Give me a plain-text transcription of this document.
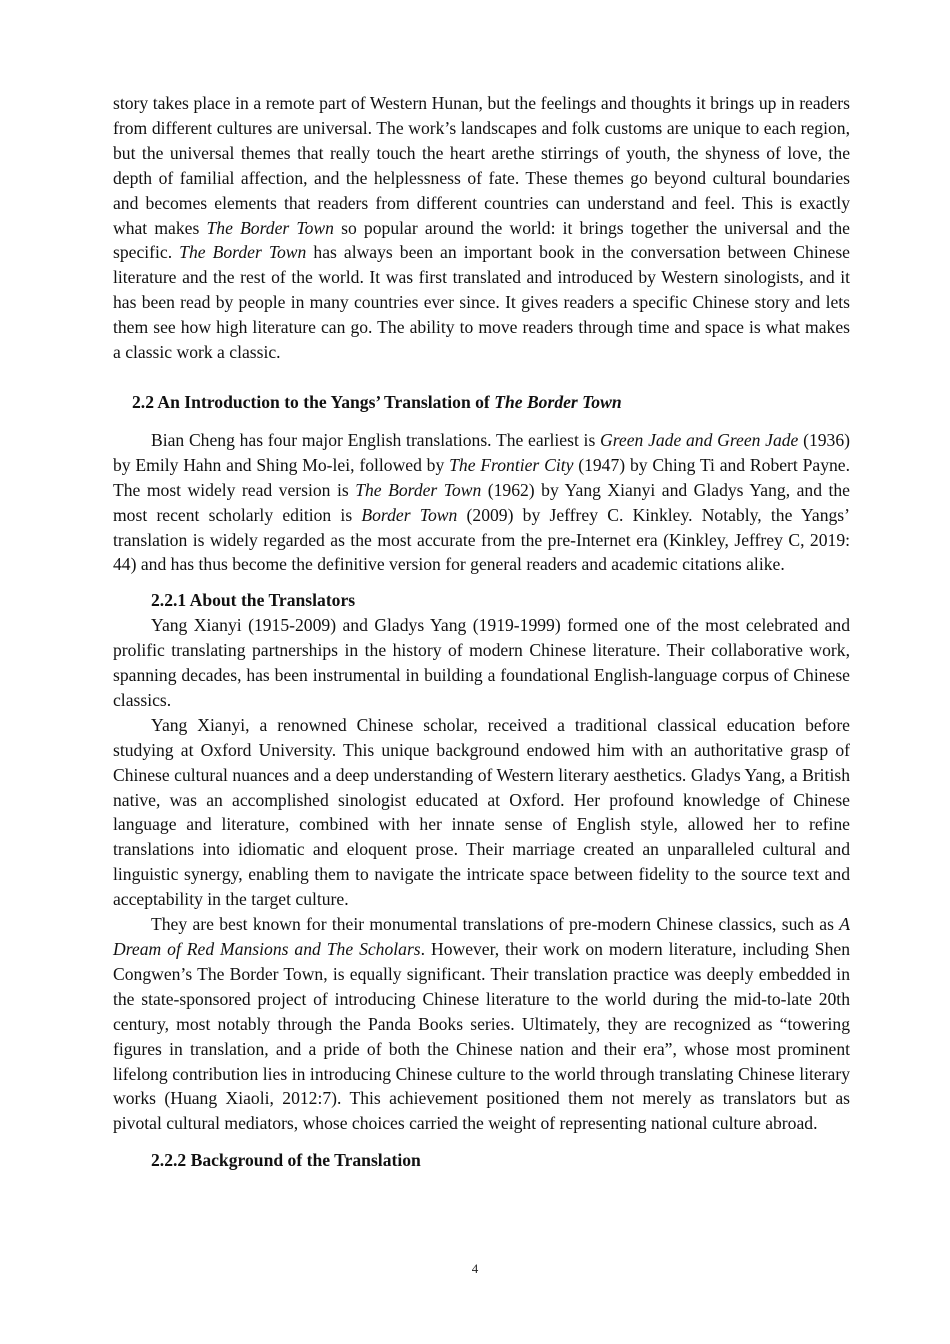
story takes place in a remote part of Western Hunan, but the feelings and thoughts it brings up in readers from different cultures are universal. The work’s landscapes and folk customs are unique to each region, but the universal themes that really touch the heart arethe stirrings of youth, the shyness of love, the depth of familial affection, and the helplessness of fate. These themes go beyond cultural boundaries and becomes elements that readers from different countries can understand and feel. This is exactly what makes The Border Town so popular around the world: it brings together the universal and the specific. The Border Town has always been an important book in the conversation between Chinese literature and the rest of the world. It was first translated and introduced by Western sinologists, and it has been read by people in many countries ever since. It gives readers a specific Chinese story and lets them see how high literature can go. The ability to move readers through time and space is what makes a classic work a classic.

2.2 An Introduction to the Yangs’ Translation of The Border Town

Bian Cheng has four major English translations. The earliest is Green Jade and Green Jade (1936) by Emily Hahn and Shing Mo-lei, followed by The Frontier City (1947) by Ching Ti and Robert Payne. The most widely read version is The Border Town (1962) by Yang Xianyi and Gladys Yang, and the most recent scholarly edition is Border Town (2009) by Jeffrey C. Kinkley. Notably, the Yangs’ translation is widely regarded as the most accurate from the pre-Internet era (Kinkley, Jeffrey C, 2019: 44) and has thus become the definitive version for general readers and academic citations alike.

2.2.1 About the Translators

Yang Xianyi (1915-2009) and Gladys Yang (1919-1999) formed one of the most celebrated and prolific translating partnerships in the history of modern Chinese literature. Their collaborative work, spanning decades, has been instrumental in building a foundational English-language corpus of Chinese classics.

Yang Xianyi, a renowned Chinese scholar, received a traditional classical education before studying at Oxford University. This unique background endowed him with an authoritative grasp of Chinese cultural nuances and a deep understanding of Western literary aesthetics. Gladys Yang, a British native, was an accomplished sinologist educated at Oxford. Her profound knowledge of Chinese language and literature, combined with her innate sense of English style, allowed her to refine translations into idiomatic and eloquent prose. Their marriage created an unparalleled cultural and linguistic synergy, enabling them to navigate the intricate space between fidelity to the source text and acceptability in the target culture.

They are best known for their monumental translations of pre-modern Chinese classics, such as A Dream of Red Mansions and The Scholars. However, their work on modern literature, including Shen Congwen’s The Border Town, is equally significant. Their translation practice was deeply embedded in the state-sponsored project of introducing Chinese literature to the world during the mid-to-late 20th century, most notably through the Panda Books series. Ultimately, they are recognized as “towering figures in translation, and a pride of both the Chinese nation and their era”, whose most prominent lifelong contribution lies in introducing Chinese culture to the world through translating Chinese literary works (Huang Xiaoli, 2012:7). This achievement positioned them not merely as translators but as pivotal cultural mediators, whose choices carried the weight of representing national culture abroad.

2.2.2 Background of the Translation
4
